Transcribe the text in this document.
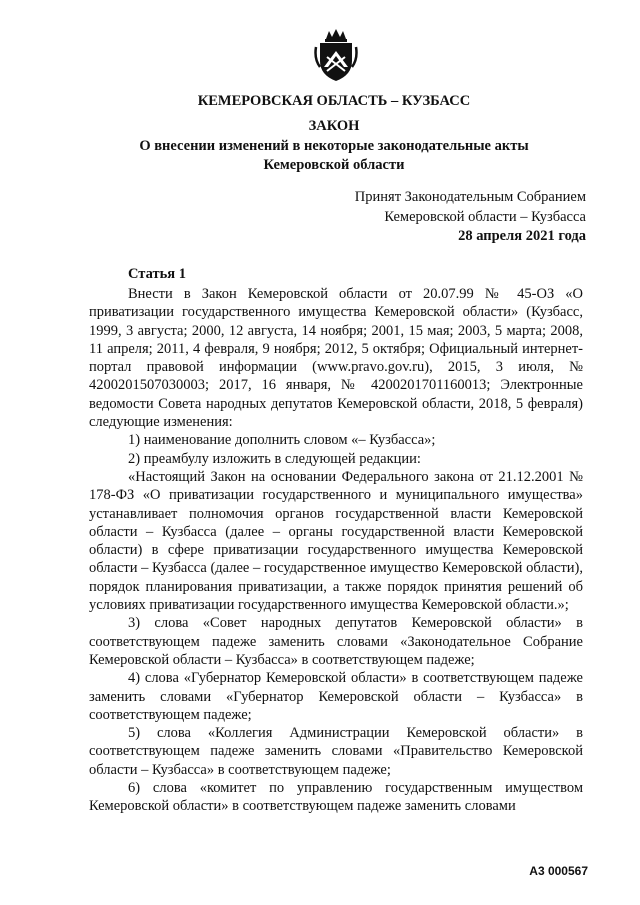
КЕМЕРОВСКАЯ ОБЛАСТЬ – КУЗБАСС
ЗАКОН
О внесении изменений в некоторые законодательные акты
Кемеровской области
Принят Законодательным Собранием
Кемеровской области – Кузбасса
28 апреля 2021 года
Статья 1

Внести в Закон Кемеровской области от 20.07.99 № 45-ОЗ «О приватизации государственного имущества Кемеровской области» (Кузбасс, 1999, 3 августа; 2000, 12 августа, 14 ноября; 2001, 15 мая; 2003, 5 марта; 2008, 11 апреля; 2011, 4 февраля, 9 ноября; 2012, 5 октября; Официальный интернет-портал правовой информации (www.pravo.gov.ru), 2015, 3 июля, № 4200201507030003; 2017, 16 января, № 4200201701160013; Электронные ведомости Совета народных депутатов Кемеровской области, 2018, 5 февраля) следующие изменения:

1) наименование дополнить словом «– Кузбасса»;

2) преамбулу изложить в следующей редакции:

«Настоящий Закон на основании Федерального закона от 21.12.2001 № 178-ФЗ «О приватизации государственного и муниципального имущества» устанавливает полномочия органов государственной власти Кемеровской области – Кузбасса (далее – органы государственной власти Кемеровской области) в сфере приватизации государственного имущества Кемеровской области – Кузбасса (далее – государственное имущество Кемеровской области), порядок планирования приватизации, а также порядок принятия решений об условиях приватизации государственного имущества Кемеровской области.»;

3) слова «Совет народных депутатов Кемеровской области» в соответствующем падеже заменить словами «Законодательное Собрание Кемеровской области – Кузбасса» в соответствующем падеже;

4) слова «Губернатор Кемеровской области» в соответствующем падеже заменить словами «Губернатор Кемеровской области – Кузбасса» в соответствующем падеже;

5) слова «Коллегия Администрации Кемеровской области» в соответствующем падеже заменить словами «Правительство Кемеровской области – Кузбасса» в соответствующем падеже;

6) слова «комитет по управлению государственным имуществом Кемеровской области» в соответствующем падеже заменить словами

А3 000567
